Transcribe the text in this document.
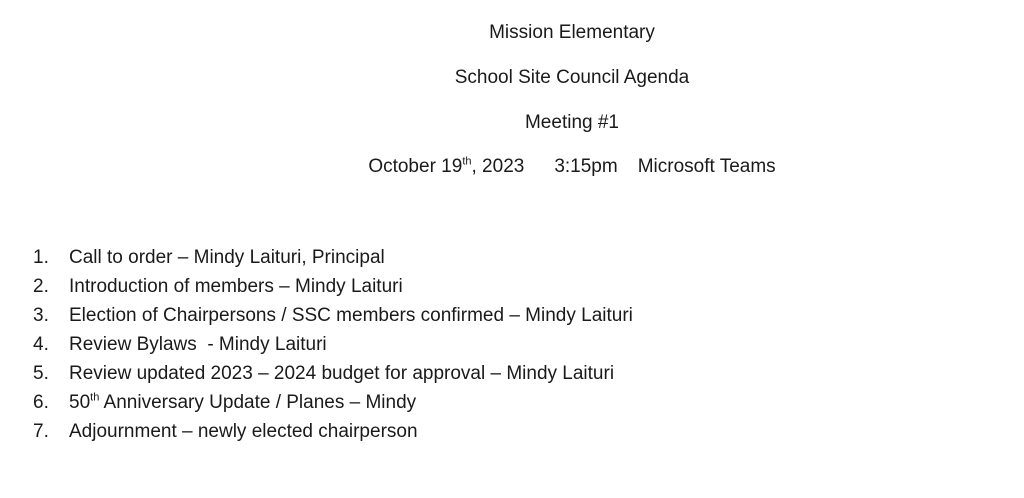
Mission Elementary
School Site Council Agenda
Meeting #1
October 19th, 2023 3:15pm Microsoft Teams
1. Call to order – Mindy Laituri, Principal
2. Introduction of members – Mindy Laituri
3. Election of Chairpersons / SSC members confirmed – Mindy Laituri
4. Review Bylaws  - Mindy Laituri
5. Review updated 2023 – 2024 budget for approval – Mindy Laituri
6. 50th Anniversary Update / Planes – Mindy
7. Adjournment – newly elected chairperson
